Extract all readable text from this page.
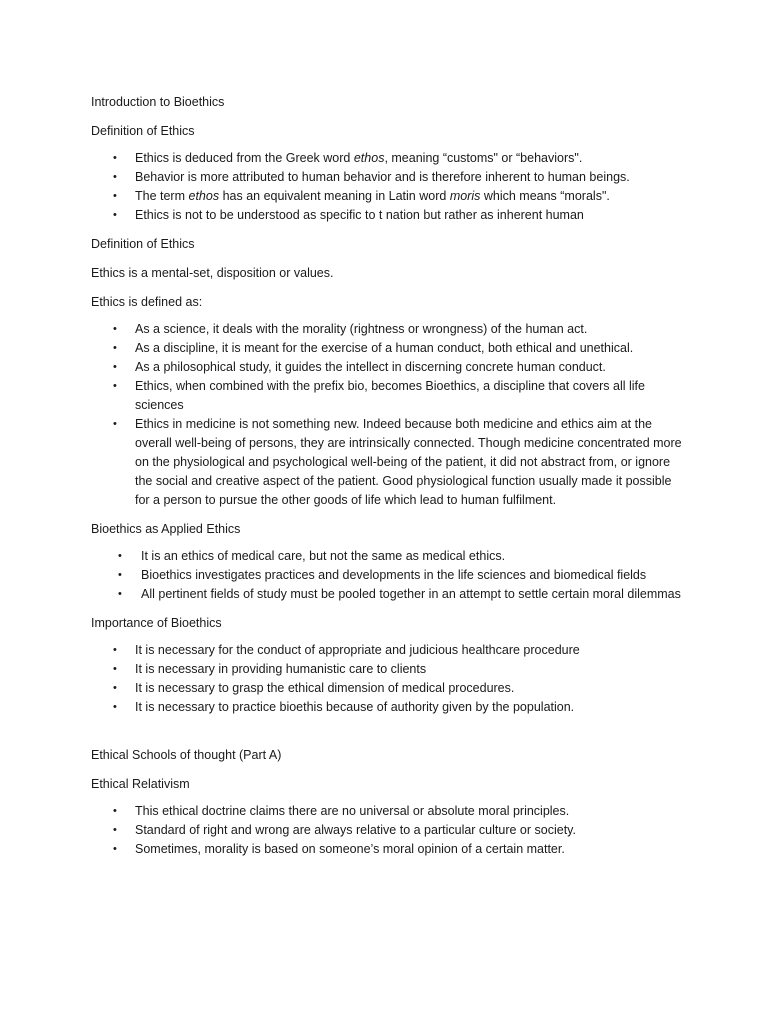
Introduction to Bioethics

Definition of Ethics

• Ethics is deduced from the Greek word ethos, meaning “customs" or “behaviors".
• Behavior is more attributed to human behavior and is therefore inherent to human beings.
• The term ethos has an equivalent meaning in Latin word moris which means “morals".
• Ethics is not to be understood as specific to t nation but rather as inherent human

Definition of Ethics

Ethics is a mental-set, disposition or values.

Ethics is defined as:

• As a science, it deals with the morality (rightness or wrongness) of the human act.
• As a discipline, it is meant for the exercise of a human conduct, both ethical and unethical.
• As a philosophical study, it guides the intellect in discerning concrete human conduct.
• Ethics, when combined with the prefix bio, becomes Bioethics, a discipline that covers all life sciences
• Ethics in medicine is not something new. Indeed because both medicine and ethics aim at the overall well-being of persons, they are intrinsically connected. Though medicine concentrated more on the physiological and psychological well-being of the patient, it did not abstract from, or ignore the social and creative aspect of the patient. Good physiological function usually made it possible for a person to pursue the other goods of life which lead to human fulfilment.

Bioethics as Applied Ethics

• It is an ethics of medical care, but not the same as medical ethics.
• Bioethics investigates practices and developments in the life sciences and biomedical fields
• All pertinent fields of study must be pooled together in an attempt to settle certain moral dilemmas

Importance of Bioethics

• It is necessary for the conduct of appropriate and judicious healthcare procedure
• It is necessary in providing humanistic care to clients
• It is necessary to grasp the ethical dimension of medical procedures.
• It is necessary to practice bioethis because of authority given by the population.

Ethical Schools of thought (Part A)

Ethical Relativism

• This ethical doctrine claims there are no universal or absolute moral principles.
• Standard of right and wrong are always relative to a particular culture or society.
• Sometimes, morality is based on someone’s moral opinion of a certain matter.
